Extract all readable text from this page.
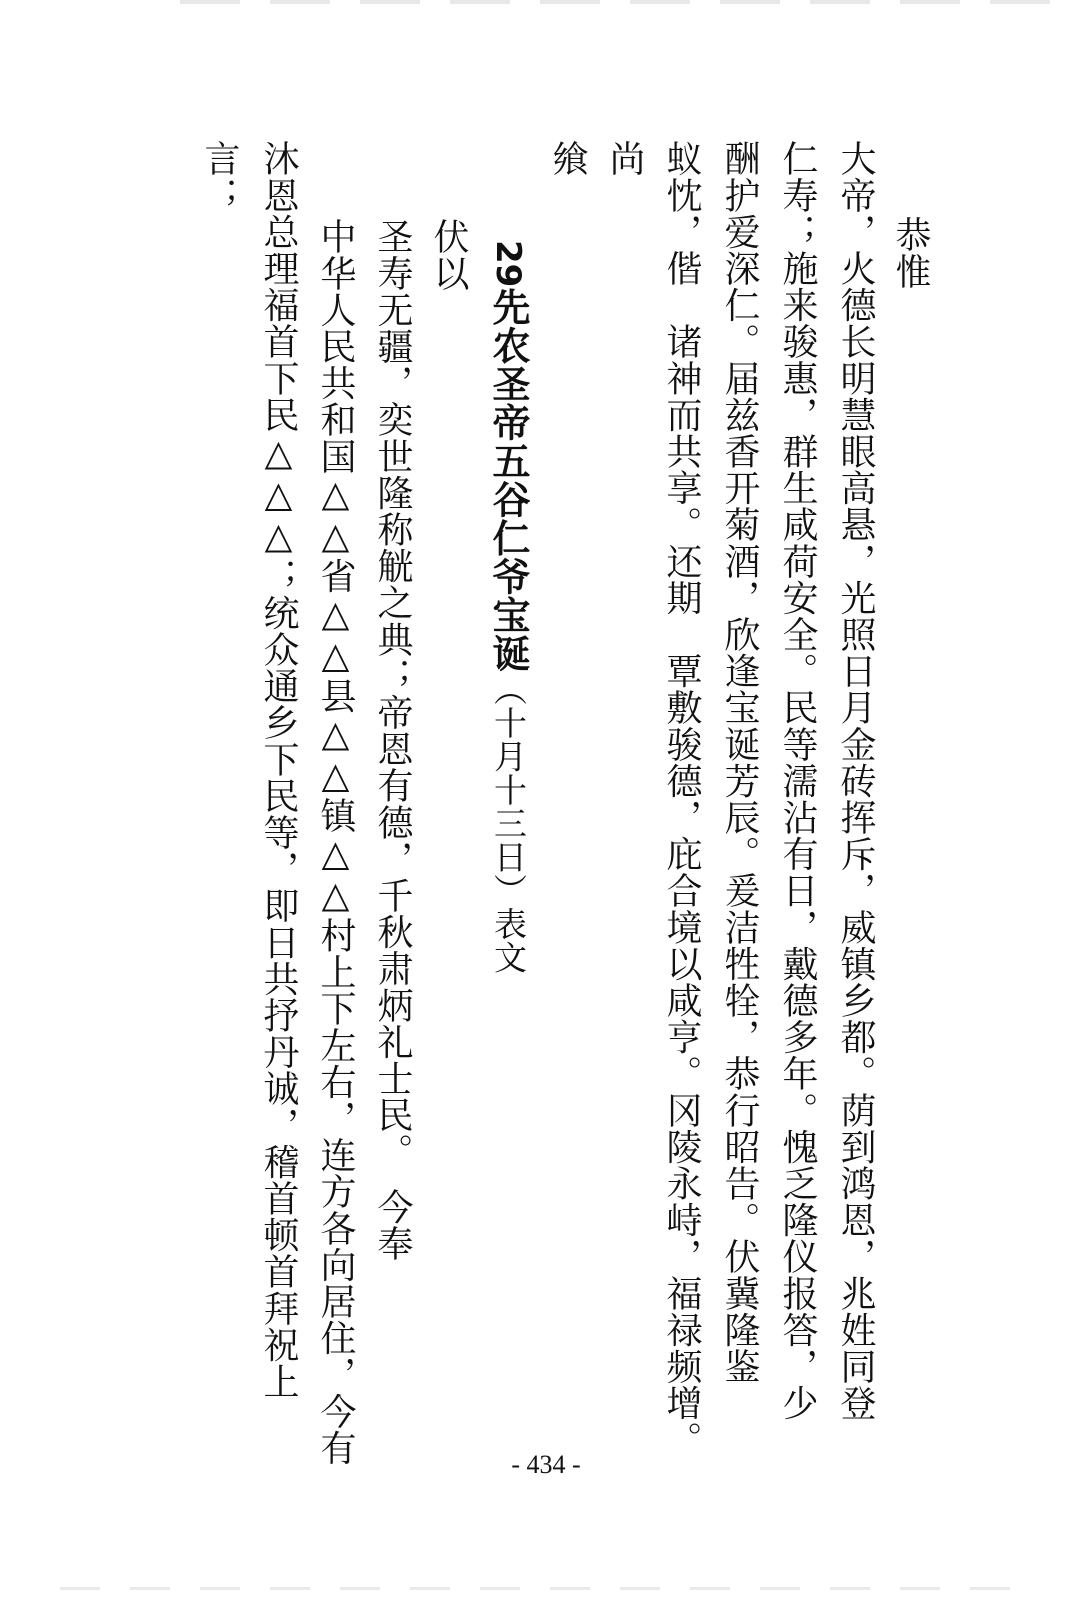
恭惟
大帝，火德长明慧眼高悬，光照日月金砖挥斥，威镇乡都。荫到鸿恩，兆姓同登
仁寿；施来骏惠，群生咸荷安全。民等濡沾有日，戴德多年。愧乏隆仪报答，少
酬护爱深仁。届兹香开菊酒，欣逢宝诞芳辰。爰洁牲牷，恭行昭告。伏冀隆鉴
蚁忱，偕　诸神而共享。还期　覃敷骏德，庇合境以咸亨。冈陵永峙，福禄频增。
尚
飨
29先农圣帝五谷仁爷宝诞（十月十三日）表文
伏以
圣寿无疆，奕世隆称觥之典；帝恩有德，千秋肃炳礼士民。　今奉
中华人民共和国△△省△△县△△镇△△村上下左右，连方各向居住，今有
沐恩总理福首下民△△△；统众通乡下民等，即日共抒丹诚，稽首顿首拜祝上
言；
- 434 -
